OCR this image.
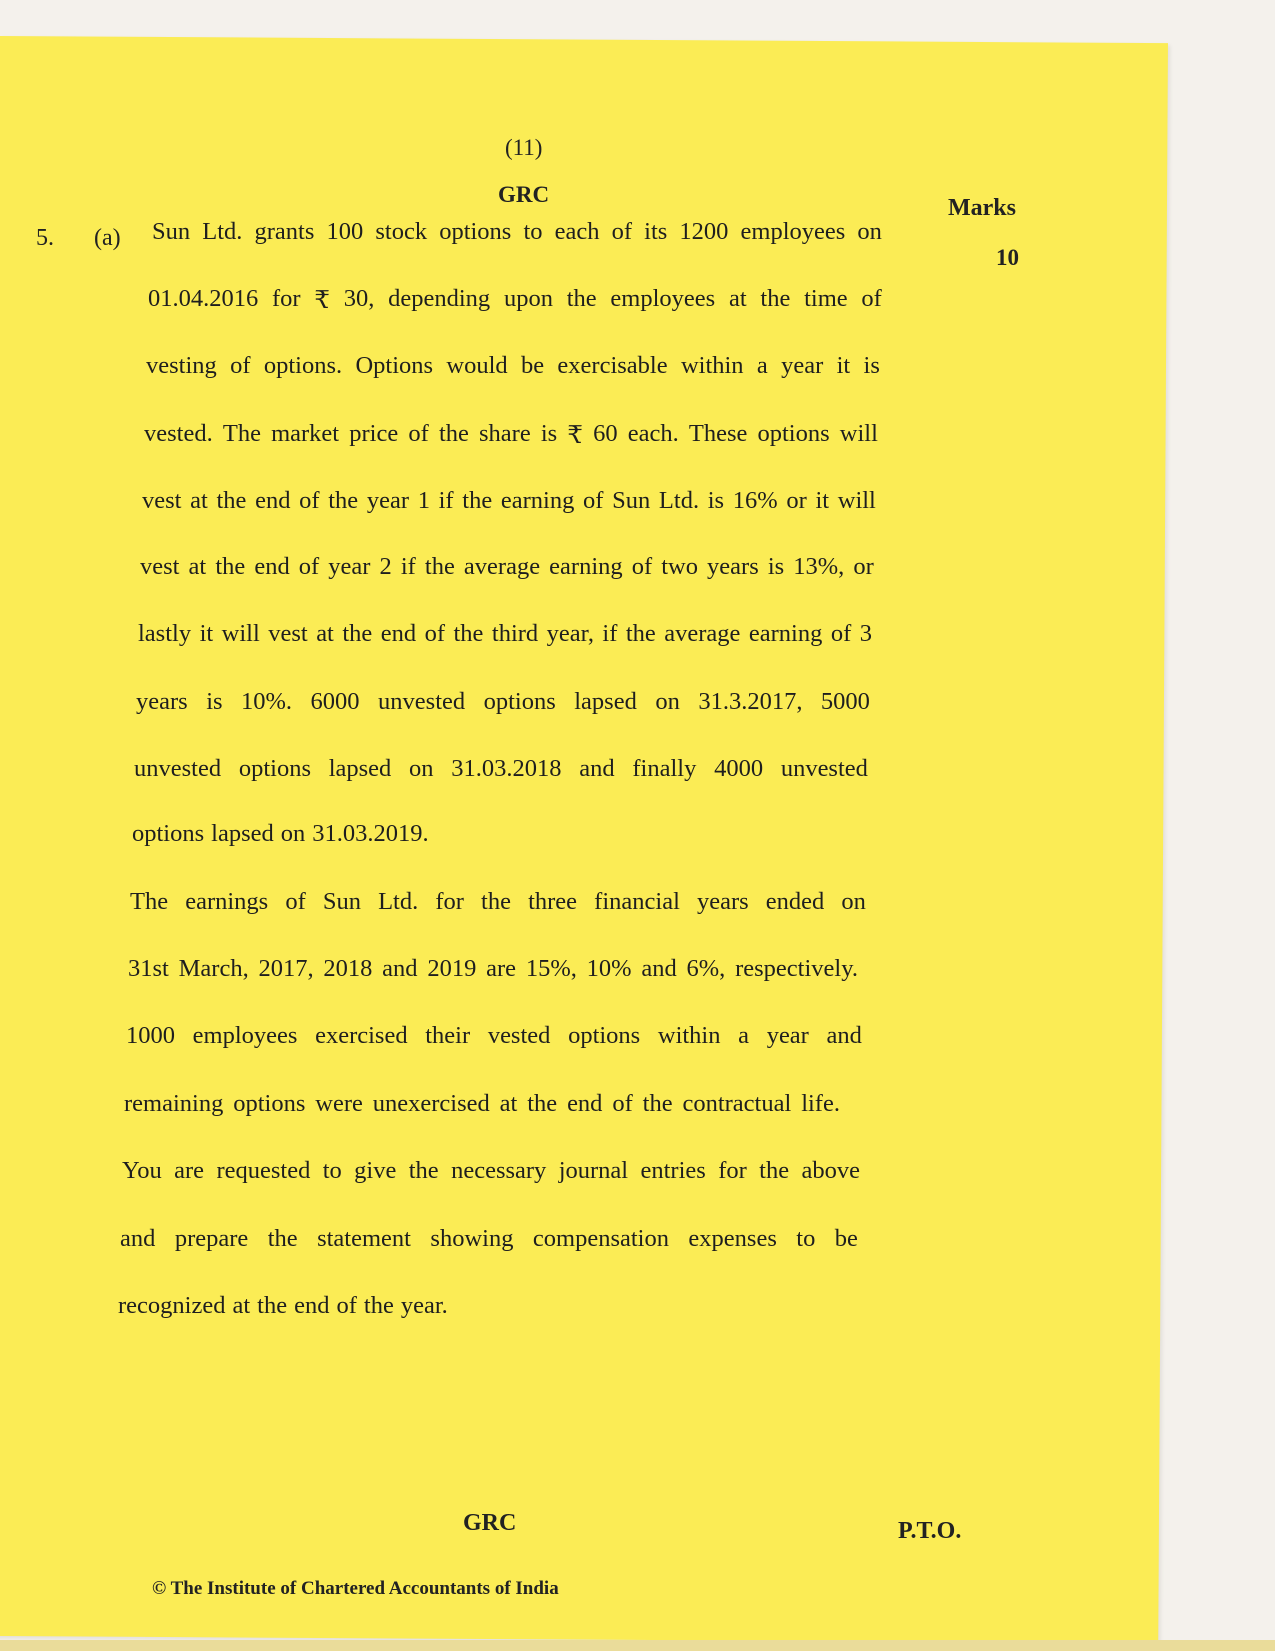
(11)
GRC
Marks
10
5. (a) Sun Ltd. grants 100 stock options to each of its 1200 employees on
01.04.2016 for ₹ 30, depending upon the employees at the time of
vesting of options. Options would be exercisable within a year it is
vested. The market price of the share is ₹ 60 each. These options will
vest at the end of the year 1 if the earning of Sun Ltd. is 16% or it will
vest at the end of year 2 if the average earning of two years is 13%, or
lastly it will vest at the end of the third year, if the average earning of 3
years is 10%. 6000 unvested options lapsed on 31.3.2017, 5000
unvested options lapsed on 31.03.2018 and finally 4000 unvested
options lapsed on 31.03.2019.
The earnings of Sun Ltd. for the three financial years ended on
31st March, 2017, 2018 and 2019 are 15%, 10% and 6%, respectively.
1000 employees exercised their vested options within a year and
remaining options were unexercised at the end of the contractual life.
You are requested to give the necessary journal entries for the above
and prepare the statement showing compensation expenses to be
recognized at the end of the year.
GRC	P.T.O.
© The Institute of Chartered Accountants of India
